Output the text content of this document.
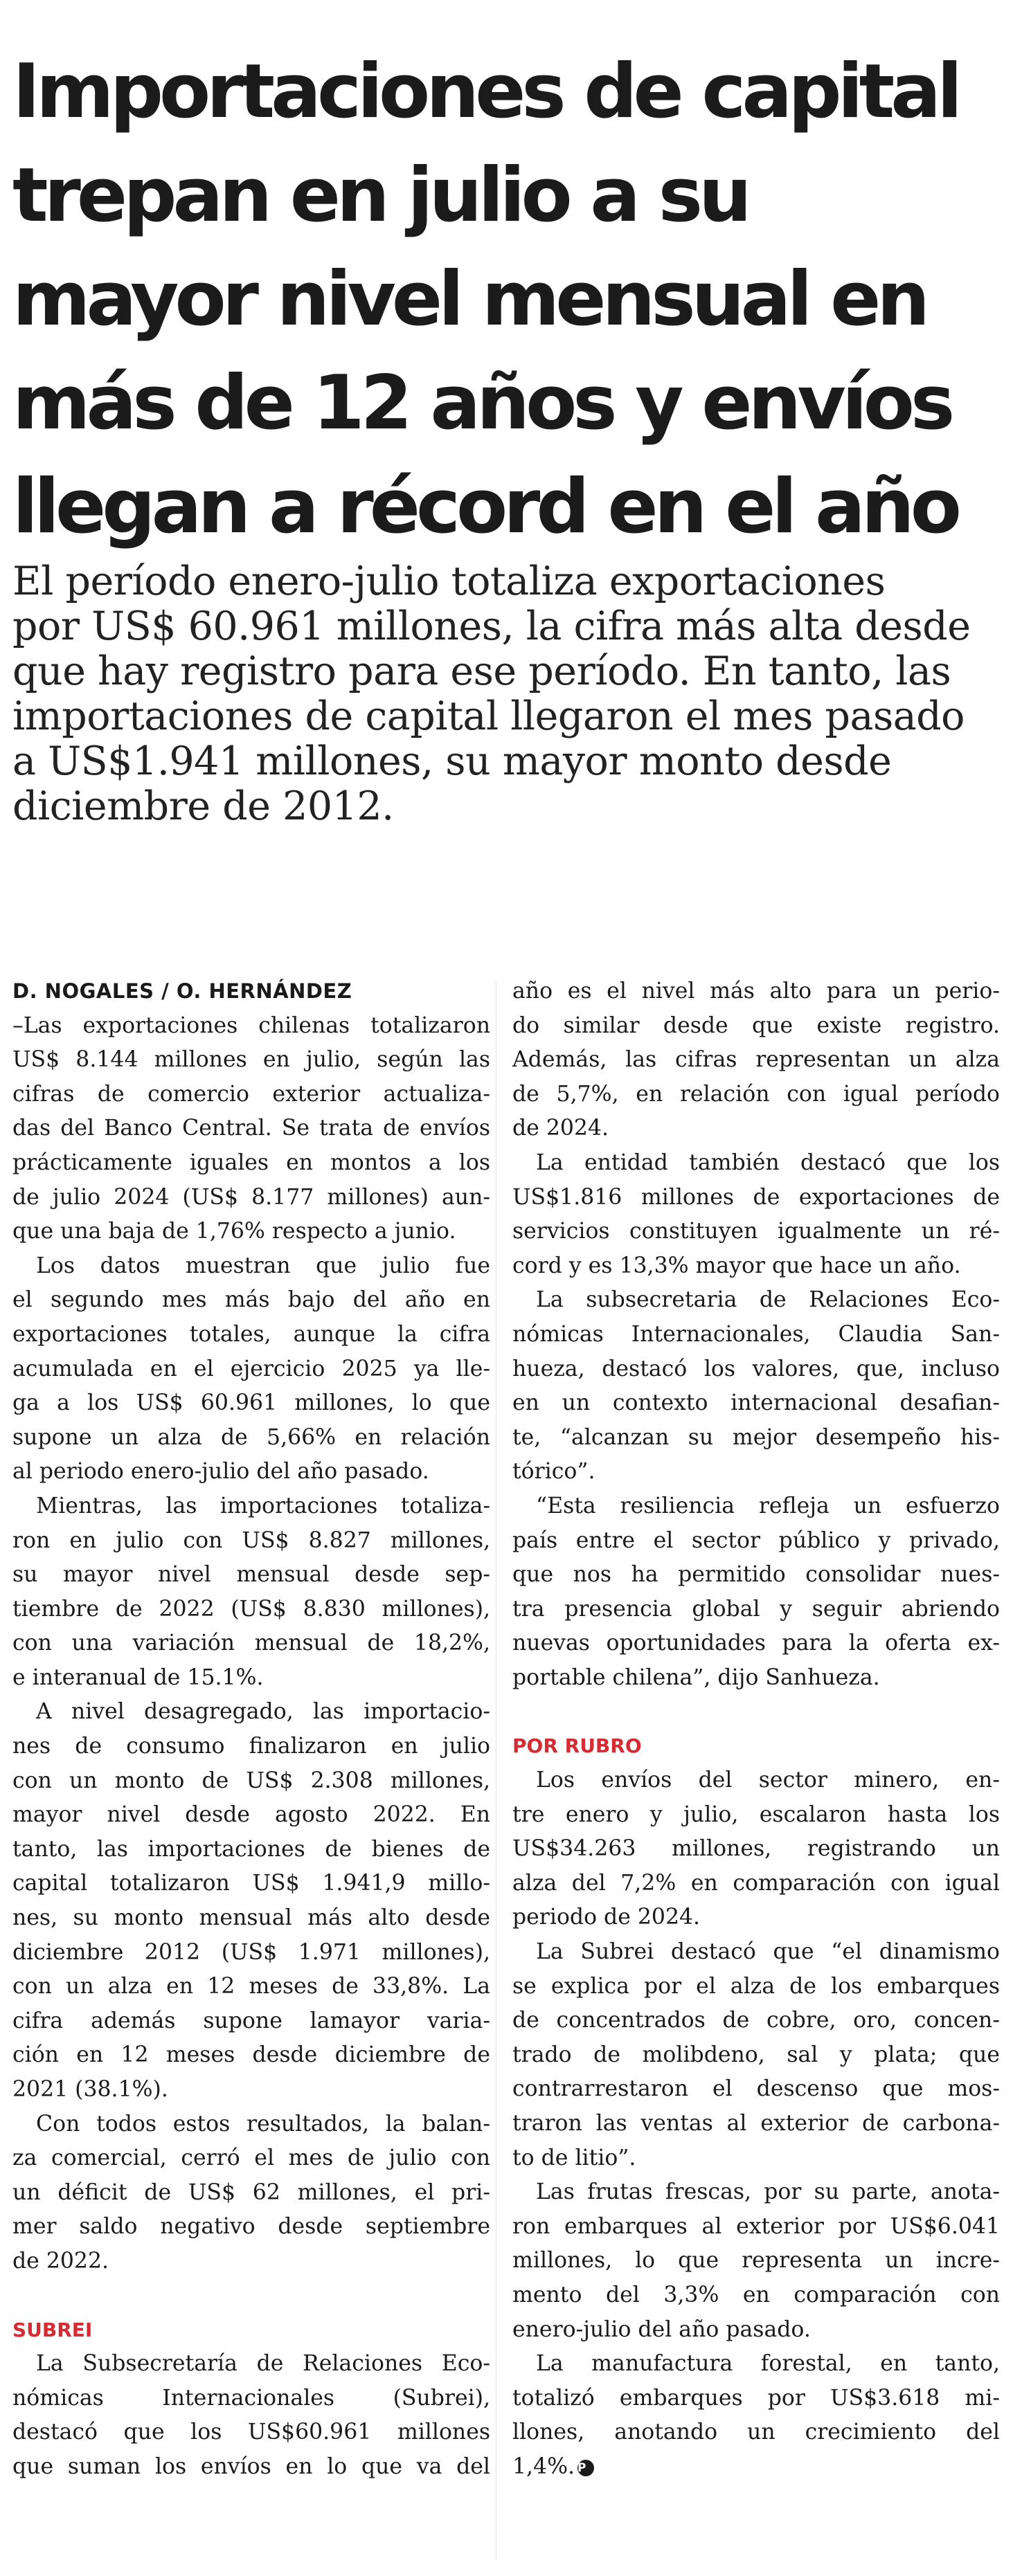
Importaciones de capital
trepan en julio a su
mayor nivel mensual en
más de 12 años y envíos
llegan a récord en el año

El período enero-julio totaliza exportaciones
por US$ 60.961 millones, la cifra más alta desde
que hay registro para ese período. En tanto, las
importaciones de capital llegaron el mes pasado
a US$1.941 millones, su mayor monto desde
diciembre de 2012.

D. NOGALES / O. HERNÁNDEZ

–Las exportaciones chilenas totalizaron
US$ 8.144 millones en julio, según las
cifras de comercio exterior actualiza-
das del Banco Central. Se trata de envíos
prácticamente iguales en montos a los
de julio 2024 (US$ 8.177 millones) aun-
que una baja de 1,76% respecto a junio.

Los datos muestran que julio fue
el segundo mes más bajo del año en
exportaciones totales, aunque la cifra
acumulada en el ejercicio 2025 ya lle-
ga a los US$ 60.961 millones, lo que
supone un alza de 5,66% en relación
al periodo enero-julio del año pasado.

Mientras, las importaciones totaliza-
ron en julio con US$ 8.827 millones,
su mayor nivel mensual desde sep-
tiembre de 2022 (US$ 8.830 millones),
con una variación mensual de 18,2%,
e interanual de 15.1%.

A nivel desagregado, las importacio-
nes de consumo finalizaron en julio
con un monto de US$ 2.308 millones,
mayor nivel desde agosto 2022. En
tanto, las importaciones de bienes de
capital totalizaron US$ 1.941,9 millo-
nes, su monto mensual más alto desde
diciembre 2012 (US$ 1.971 millones),
con un alza en 12 meses de 33,8%. La
cifra además supone lamayor varia-
ción en 12 meses desde diciembre de
2021 (38.1%).

Con todos estos resultados, la balan-
za comercial, cerró el mes de julio con
un déficit de US$ 62 millones, el pri-
mer saldo negativo desde septiembre
de 2022.

SUBREI

La Subsecretaría de Relaciones Eco-
nómicas Internacionales (Subrei),
destacó que los US$60.961 millones
que suman los envíos en lo que va del

año es el nivel más alto para un perio-
do similar desde que existe registro.
Además, las cifras representan un alza
de 5,7%, en relación con igual período
de 2024.

La entidad también destacó que los
US$1.816 millones de exportaciones de
servicios constituyen igualmente un ré-
cord y es 13,3% mayor que hace un año.

La subsecretaria de Relaciones Eco-
nómicas Internacionales, Claudia San-
hueza, destacó los valores, que, incluso
en un contexto internacional desafian-
te, “alcanzan su mejor desempeño his-
tórico”.

“Esta resiliencia refleja un esfuerzo
país entre el sector público y privado,
que nos ha permitido consolidar nues-
tra presencia global y seguir abriendo
nuevas oportunidades para la oferta ex-
portable chilena”, dijo Sanhueza.

POR RUBRO

Los envíos del sector minero, en-
tre enero y julio, escalaron hasta los
US$34.263 millones, registrando un
alza del 7,2% en comparación con igual
periodo de 2024.

La Subrei destacó que “el dinamismo
se explica por el alza de los embarques
de concentrados de cobre, oro, concen-
trado de molibdeno, sal y plata; que
contrarrestaron el descenso que mos-
traron las ventas al exterior de carbona-
to de litio”.

Las frutas frescas, por su parte, anota-
ron embarques al exterior por US$6.041
millones, lo que representa un incre-
mento del 3,3% en comparación con
enero-julio del año pasado.

La manufactura forestal, en tanto,
totalizó embarques por US$3.618 mi-
llones, anotando un crecimiento del
1,4%. P
